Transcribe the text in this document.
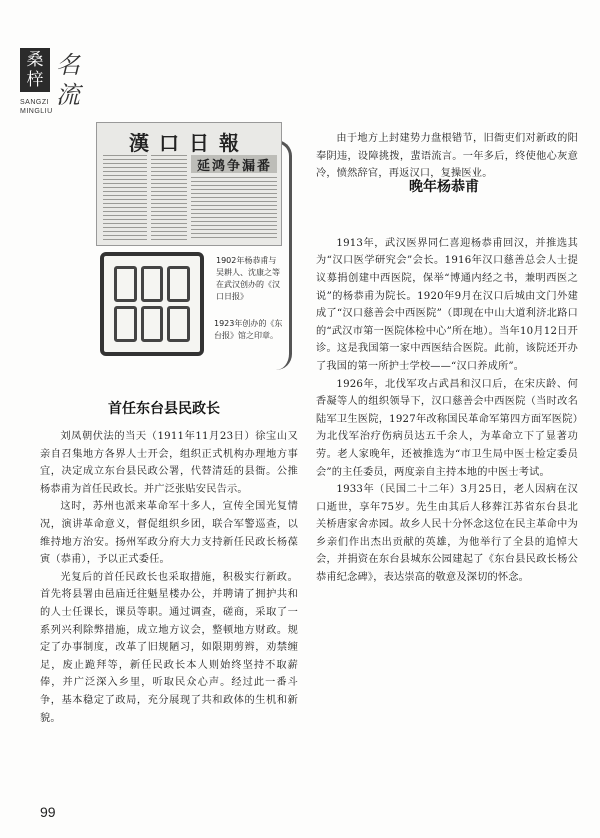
桑
梓
名
流
SANGZI
MINGLIU
漢口日報
延鸿争漏番
1902年杨恭甫与吴耕人、沈康之等在武汉创办的《汉口日报》
1923年创办的《东台报》馆之印章。
首任东台县民政长

刘凤朝伏法的当天（1911年11月23日）徐宝山又亲自召集地方各界人士开会，组织正式机构办理地方事宜，决定成立东台县民政公署，代替清廷的县衙。公推杨恭甫为首任民政长。并广泛张贴安民告示。

这时，苏州也派来革命军十多人，宣传全国光复情况，演讲革命意义，督促组织乡团，联合军警巡查，以维持地方治安。扬州军政分府大力支持新任民政长杨葆寅（恭甫），予以正式委任。

光复后的首任民政长也采取措施，积极实行新政。首先将县署由邑庙迁往魁星楼办公，并聘请了拥护共和的人士任课长，课员等职。通过调查，磋商，采取了一系列兴利除弊措施，成立地方议会，整顿地方财政。规定了办事制度，改革了旧规陋习，如限期剪辫，劝禁缠足，废止跪拜等，新任民政长本人则始终坚持不取薪俸，并广泛深入乡里，听取民众心声。经过此一番斗争，基本稳定了政局，充分展现了共和政体的生机和新貌。

由于地方上封建势力盘根错节，旧衙吏们对新政的阳奉阴违，设障挑拨，蜚语流言。一年多后，终使他心灰意冷，愤然辞官，再返汉口，复操医业。

1913年，武汉医界同仁喜迎杨恭甫回汉，并推选其为“汉口医学研究会”会长。1916年汉口慈善总会人士提议募捐创建中西医院，保举“博通内经之书，兼明西医之说”的杨恭甫为院长。1920年9月在汉口后城由文门外建成了“汉口慈善会中西医院”（即现在中山大道利济北路口的“武汉市第一医院体检中心”所在地）。当年10月12日开诊。这是我国第一家中西医结合医院。此前，该院还开办了我国的第一所护士学校——“汉口养成所”。

1926年，北伐军攻占武昌和汉口后，在宋庆龄、何香凝等人的组织领导下，汉口慈善会中西医院（当时改名陆军卫生医院，1927年改称国民革命军第四方面军医院）为北伐军治疗伤病员达五千余人，为革命立下了显著功劳。老人家晚年，还被推选为“市卫生局中医士检定委员会”的主任委员，两度亲自主持本地的中医士考试。

1933年（民国二十二年）3月25日，老人因病在汉口逝世，享年75岁。先生由其后人移葬江苏省东台县北关桥唐家舍赤园。故乡人民十分怀念这位在民主革命中为乡亲们作出杰出贡献的英雄，为他举行了全县的追悼大会，并捐资在东台县城东公园建起了《东台县民政长杨公恭甫纪念碑》，表达崇高的敬意及深切的怀念。

晚年杨恭甫
99
